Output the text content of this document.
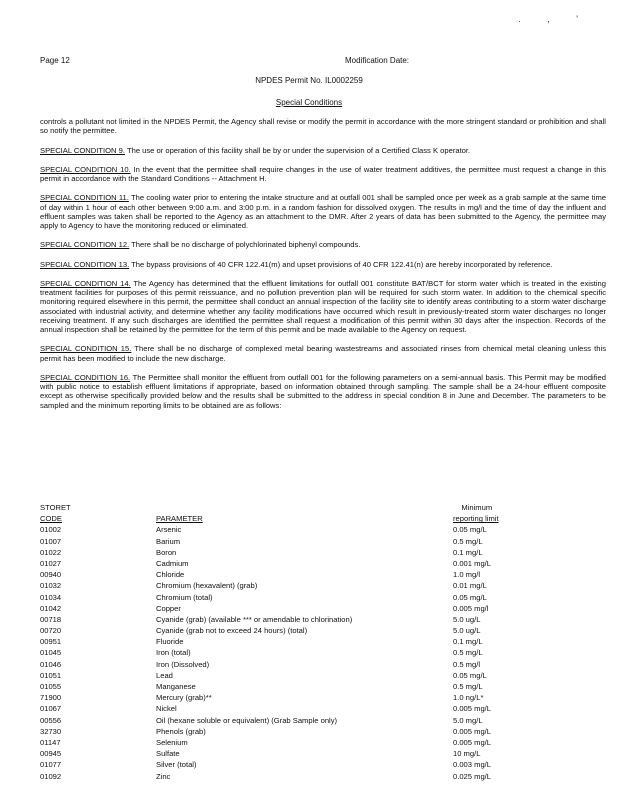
. , '
Page 12	Modification Date:
NPDES Permit No. IL0002259
Special Conditions

controls a pollutant not limited in the NPDES Permit, the Agency shall revise or modify the permit in accordance with the more stringent standard or prohibition and shall so notify the permittee.

SPECIAL CONDITION 9. The use or operation of this facility shall be by or under the supervision of a Certified Class K operator.

SPECIAL CONDITION 10. In the event that the permittee shall require changes in the use of water treatment additives, the permittee must request a change in this permit in accordance with the Standard Conditions -- Attachment H.

SPECIAL CONDITION 11. The cooling water prior to entering the intake structure and at outfall 001 shall be sampled once per week as a grab sample at the same time of day within 1 hour of each other between 9:00 a.m. and 3:00 p.m. in a random fashion for dissolved oxygen. The results in mg/l and the time of day the influent and effluent samples was taken shall be reported to the Agency as an attachment to the DMR. After 2 years of data has been submitted to the Agency, the permittee may apply to Agency to have the monitoring reduced or eliminated.

SPECIAL CONDITION 12. There shall be no discharge of polychlorinated biphenyl compounds.

SPECIAL CONDITION 13. The bypass provisions of 40 CFR 122.41(m) and upset provisions of 40 CFR 122.41(n) are hereby incorporated by reference.

SPECIAL CONDITION 14. The Agency has determined that the effluent limitations for outfall 001 constitute BAT/BCT for storm water which is treated in the existing treatment facilities for purposes of this permit reissuance, and no pollution prevention plan will be required for such storm water. In addition to the chemical specific monitoring required elsewhere in this permit, the permittee shall conduct an annual inspection of the facility site to identify areas contributing to a storm water discharge associated with industrial activity, and determine whether any facility modifications have occurred which result in previously-treated storm water discharges no longer receiving treatment. If any such discharges are identified the permittee shall request a modification of this permit within 30 days after the inspection. Records of the annual inspection shall be retained by the permittee for the term of this permit and be made available to the Agency on request.

SPECIAL CONDITION 15. There shall be no discharge of complexed metal bearing wastestreams and associated rinses from chemical metal cleaning unless this permit has been modified to include the new discharge.

SPECIAL CONDITION 16. The Permittee shall monitor the effluent from outfall 001 for the following parameters on a semi-annual basis. This Permit may be modified with public notice to establish effluent limitations if appropriate, based on information obtained through sampling. The sample shall be a 24-hour effluent composite except as otherwise specifically provided below and the results shall be submitted to the address in special condition 8 in June and December. The parameters to be sampled and the minimum reporting limits to be obtained are as follows:

STORET	Minimum
CODE	PARAMETER	reporting limit
01002	Arsenic	0.05 mg/L
01007	Barium	0.5 mg/L
01022	Boron	0.1 mg/L
01027	Cadmium	0.001 mg/L
00940	Chloride	1.0 mg/l
01032	Chromium (hexavalent) (grab)	0.01 mg/L
01034	Chromium (total)	0.05 mg/L
01042	Copper	0.005 mg/l
00718	Cyanide (grab) (available *** or amendable to chlorination)	5.0 ug/L
00720	Cyanide (grab not to exceed 24 hours) (total)	5.0 ug/L
00951	Fluoride	0.1 mg/L
01045	Iron (total)	0.5 mg/L
01046	Iron (Dissolved)	0.5 mg/l
01051	Lead	0.05 mg/L
01055	Manganese	0.5 mg/L
71900	Mercury (grab)**	1.0 ng/L*
01067	Nickel	0.005 mg/L
00556	Oil (hexane soluble or equivalent) (Grab Sample only)	5.0 mg/L
32730	Phenols (grab)	0.005 mg/L
01147	Selenium	0.005 mg/L
00945	Sulfate	10 mg/L
01077	Silver (total)	0.003 mg/L
01092	Zinc	0.025 mg/L
